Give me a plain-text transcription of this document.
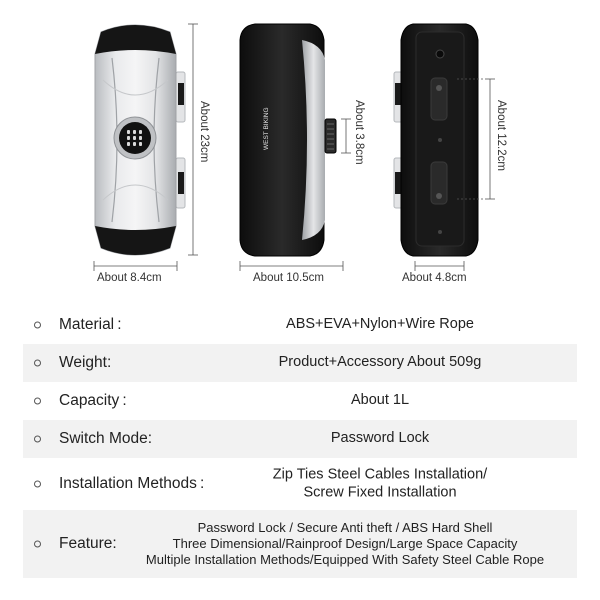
WEST BIKING
About 23cm
About 8.4cm
About 3.8cm
About 10.5cm
About 12.2cm
About 4.8cm
Material :	ABS+EVA+Nylon+Wire Rope
Weight:	Product+Accessory About 509g
Capacity :	About 1L
Switch Mode:	Password Lock
Installation Methods :
Zip Ties Steel Cables Installation/
Screw Fixed Installation
Feature:
Password Lock / Secure Anti theft / ABS Hard Shell
Three Dimensional/Rainproof Design/Large Space Capacity
Multiple Installation Methods/Equipped With Safety Steel Cable Rope
